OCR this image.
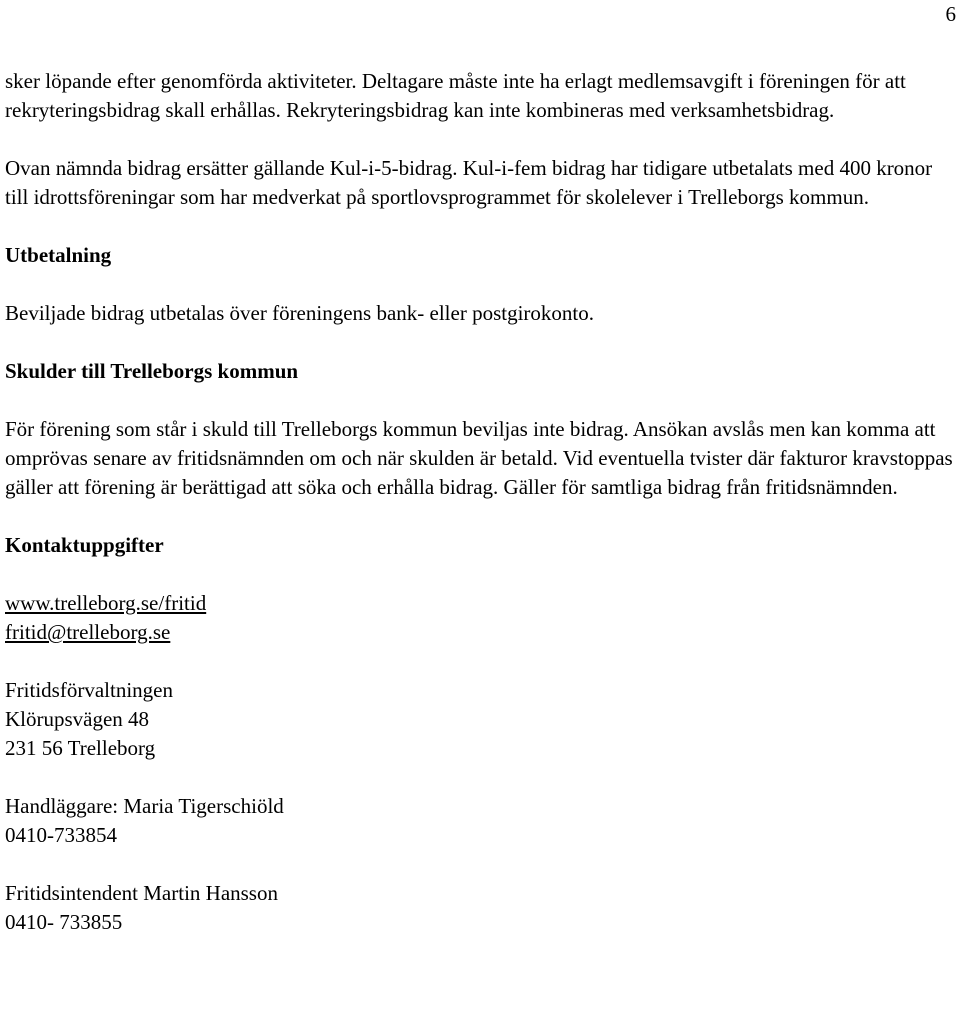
6

sker löpande efter genomförda aktiviteter. Deltagare måste inte ha erlagt medlemsavgift i föreningen för att rekryteringsbidrag skall erhållas. Rekryteringsbidrag kan inte kombineras med verksamhetsbidrag.

Ovan nämnda bidrag ersätter gällande Kul-i-5-bidrag. Kul-i-fem bidrag har tidigare utbetalats med 400 kronor till idrottsföreningar som har medverkat på sportlovsprogrammet för skolelever i Trelleborgs kommun.

Utbetalning

Beviljade bidrag utbetalas över föreningens bank- eller postgirokonto.

Skulder till Trelleborgs kommun

För förening som står i skuld till Trelleborgs kommun beviljas inte bidrag. Ansökan avslås men kan komma att omprövas senare av fritidsnämnden om och när skulden är betald. Vid eventuella tvister där fakturor kravstoppas gäller att förening är berättigad att söka och erhålla bidrag. Gäller för samtliga bidrag från fritidsnämnden.

Kontaktuppgifter

www.trelleborg.se/fritid
fritid@trelleborg.se
Fritidsförvaltningen
Klörupsvägen 48
231 56 Trelleborg
Handläggare: Maria Tigerschiöld
0410-733854
Fritidsintendent Martin Hansson
0410- 733855
